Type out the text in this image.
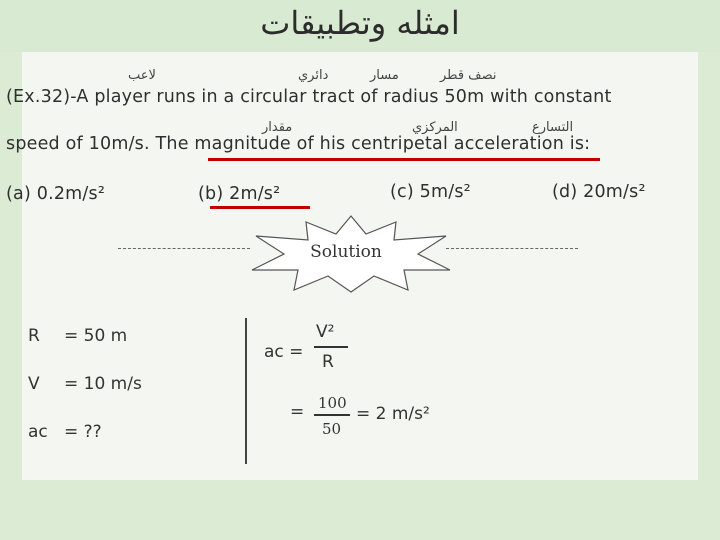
امثله وتطبيقات
لاعب	دائري	مسار	نصف قطر
مقدار	المركزي	التسارع
(Ex.32)-A player runs in a circular tract of radius 50m with constant
speed of 10m/s. The magnitude of his centripetal acceleration is:
(a) 0.2m/s²	(b) 2m/s²	(c) 5m/s²	(d) 20m/s²
Solution
R = 50 m
V = 10 m/s
ac = ??
ac =
V²
R
= 100
50
= 2 m/s²
